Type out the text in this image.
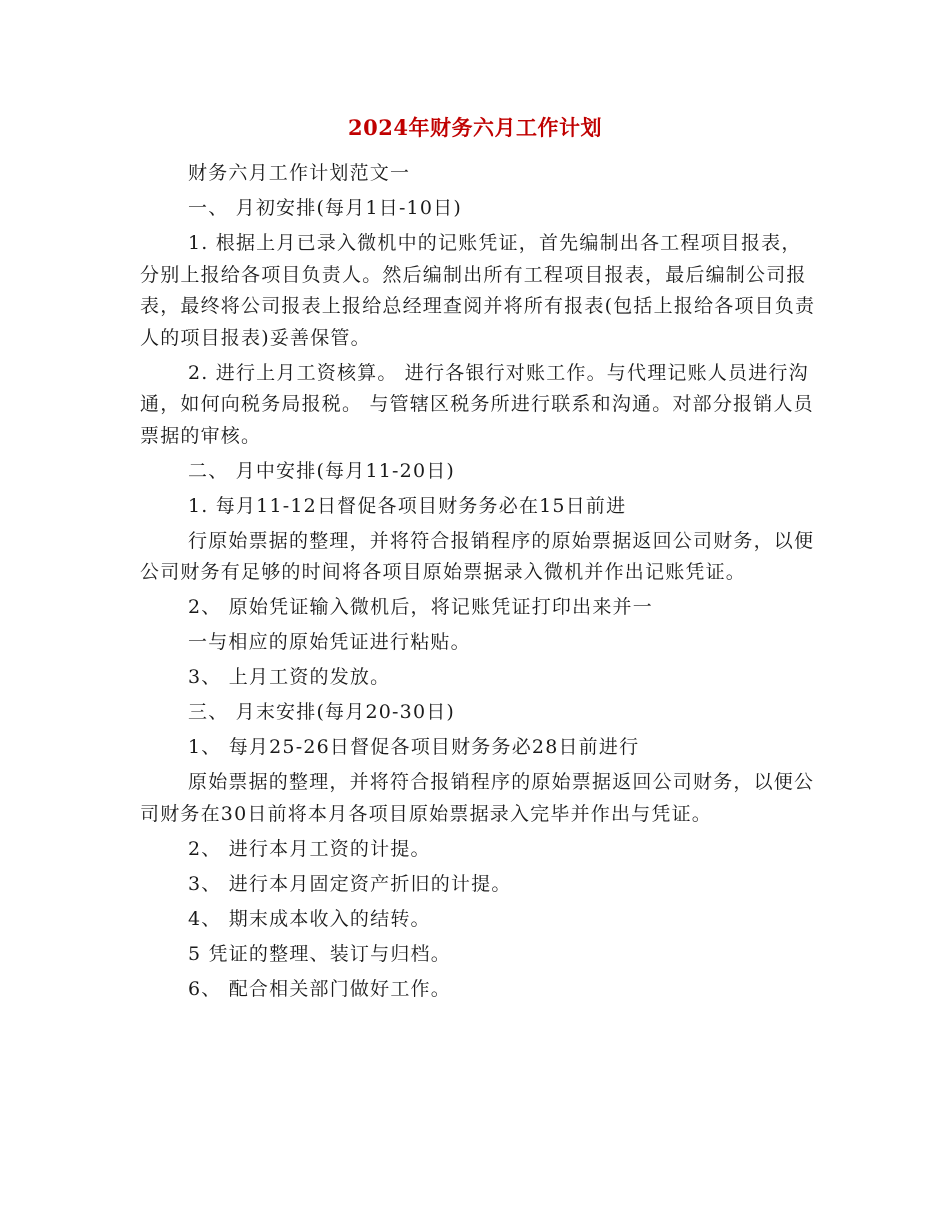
2024年财务六月工作计划

财务六月工作计划范文一

一、 月初安排(每月1日-10日)

1. 根据上月已录入微机中的记账凭证，首先编制出各工程项目报表，分别上报给各项目负责人。然后编制出所有工程项目报表，最后编制公司报表，最终将公司报表上报给总经理查阅并将所有报表(包括上报给各项目负责人的项目报表)妥善保管。

2. 进行上月工资核算。 进行各银行对账工作。与代理记账人员进行沟通，如何向税务局报税。 与管辖区税务所进行联系和沟通。对部分报销人员票据的审核。

二、 月中安排(每月11-20日)

1. 每月11-12日督促各项目财务务必在15日前进

行原始票据的整理，并将符合报销程序的原始票据返回公司财务，以便公司财务有足够的时间将各项目原始票据录入微机并作出记账凭证。

2、 原始凭证输入微机后，将记账凭证打印出来并一

一与相应的原始凭证进行粘贴。

3、 上月工资的发放。

三、 月末安排(每月20-30日)

1、 每月25-26日督促各项目财务务必28日前进行

原始票据的整理，并将符合报销程序的原始票据返回公司财务，以便公司财务在30日前将本月各项目原始票据录入完毕并作出与凭证。

2、 进行本月工资的计提。

3、 进行本月固定资产折旧的计提。

4、 期末成本收入的结转。

5 凭证的整理、装订与归档。

6、 配合相关部门做好工作。
